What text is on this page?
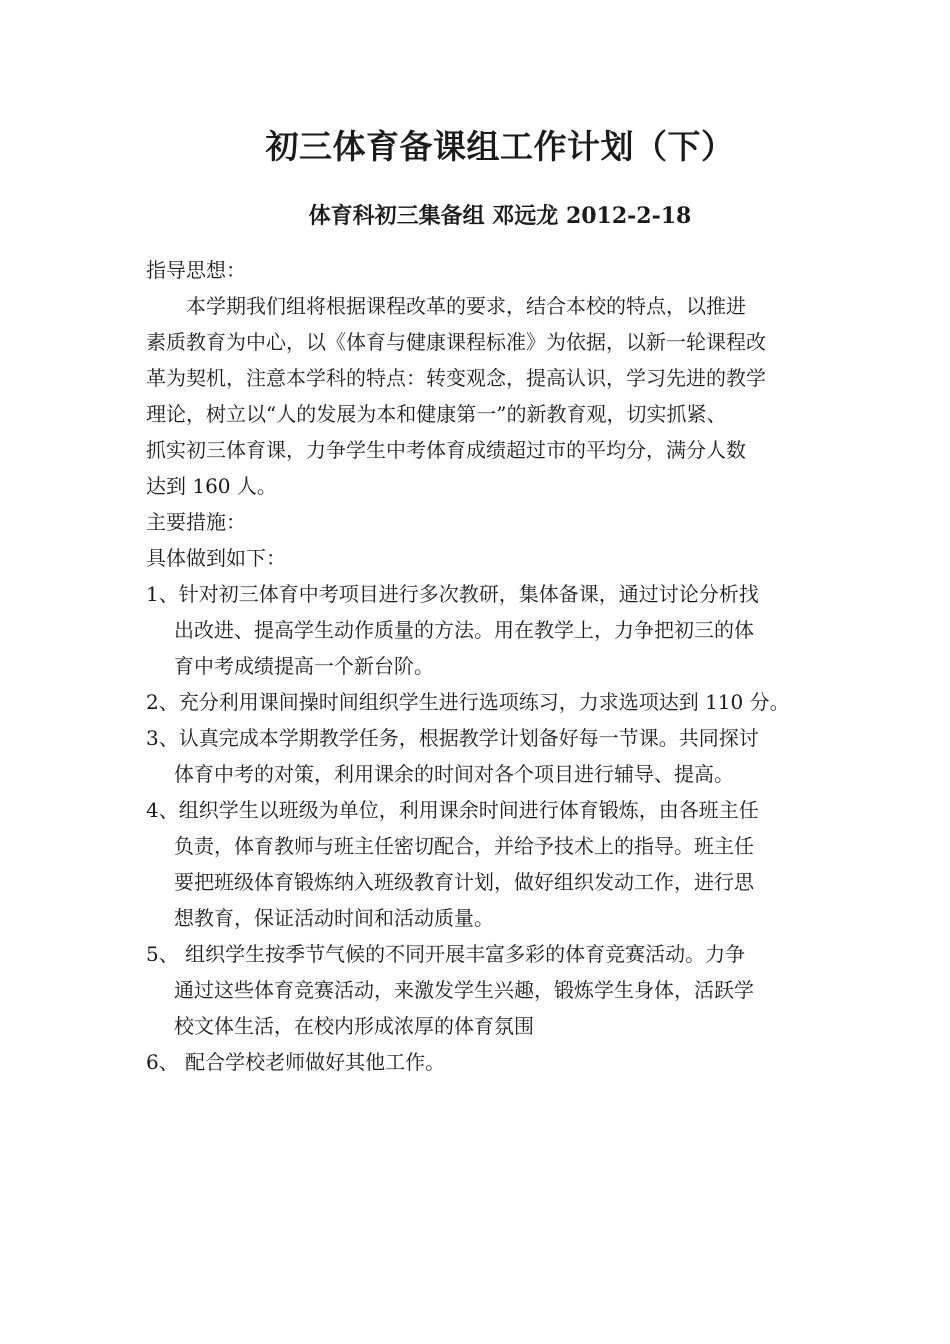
初三体育备课组工作计划（下）
体育科初三集备组 邓远龙 2012-2-18
指导思想：
本学期我们组将根据课程改革的要求，结合本校的特点，以推进
素质教育为中心，以《体育与健康课程标准》为依据，以新一轮课程改
革为契机，注意本学科的特点：转变观念，提高认识，学习先进的教学
理论，树立以“人的发展为本和健康第一”的新教育观，切实抓紧、
抓实初三体育课，力争学生中考体育成绩超过市的平均分，满分人数
达到 160 人。
主要措施：
具体做到如下：
1、针对初三体育中考项目进行多次教研，集体备课，通过讨论分析找
出改进、提高学生动作质量的方法。用在教学上，力争把初三的体
育中考成绩提高一个新台阶。
2、充分利用课间操时间组织学生进行选项练习，力求选项达到 110 分。
3、认真完成本学期教学任务，根据教学计划备好每一节课。共同探讨
体育中考的对策，利用课余的时间对各个项目进行辅导、提高。
4、组织学生以班级为单位，利用课余时间进行体育锻炼，由各班主任
负责，体育教师与班主任密切配合，并给予技术上的指导。班主任
要把班级体育锻炼纳入班级教育计划，做好组织发动工作，进行思
想教育，保证活动时间和活动质量。
5、 组织学生按季节气候的不同开展丰富多彩的体育竞赛活动。力争
通过这些体育竞赛活动，来激发学生兴趣，锻炼学生身体，活跃学
校文体生活，在校内形成浓厚的体育氛围
6、 配合学校老师做好其他工作。
